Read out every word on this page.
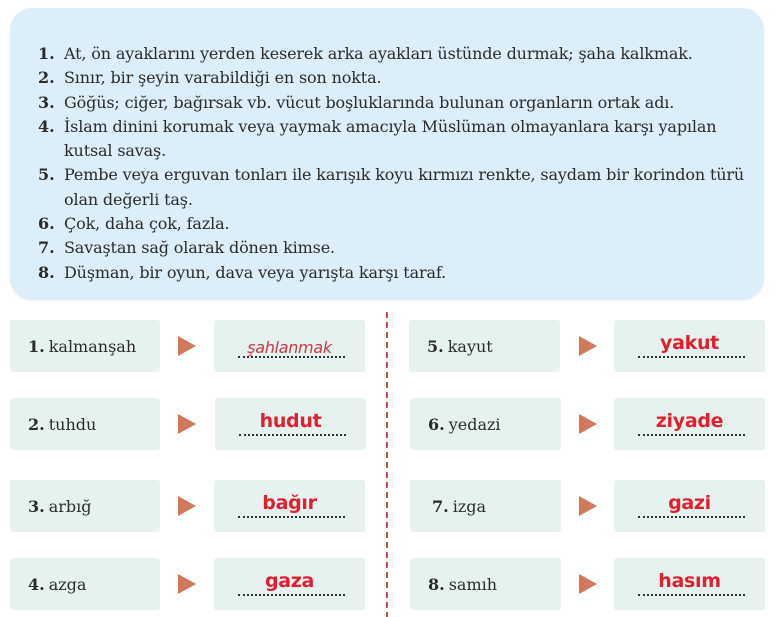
1. At, ön ayaklarını yerden keserek arka ayakları üstünde durmak; şaha kalkmak.
2. Sınır, bir şeyin varabildiği en son nokta.
3. Göğüs; ciğer, bağırsak vb. vücut boşluklarında bulunan organların ortak adı.
4. İslam dinini korumak veya yaymak amacıyla Müslüman olmayanlara karşı yapılan kutsal savaş.
5. Pembe veya erguvan tonları ile karışık koyu kırmızı renkte, saydam bir korindon türü olan değerli taş.
6. Çok, daha çok, fazla.
7. Savaştan sağ olarak dönen kimse.
8. Düşman, bir oyun, dava veya yarışta karşı taraf.
1. kalmanşah	şahlanmak
2. tuhdu	hudut
3. arbığ	bağır
4. azga	gaza
5. kayut	yakut
6. yedazi	ziyade
7. izga	gazi
8. samıh	hasım
